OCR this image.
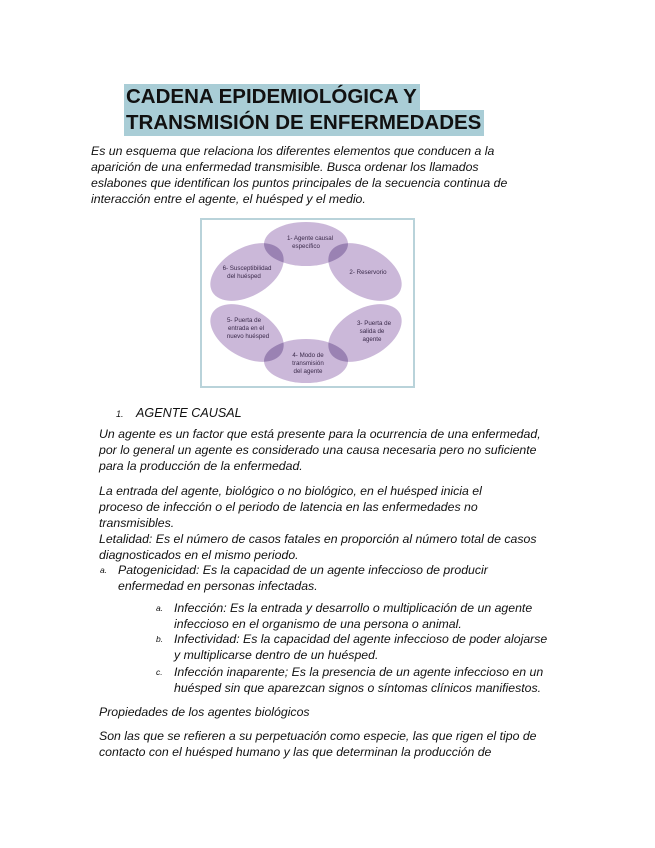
CADENA EPIDEMIOLÓGICA Y
TRANSMISIÓN DE ENFERMEDADES

Es un esquema que relaciona los diferentes elementos que conducen a la

aparición de una enfermedad transmisible. Busca ordenar los llamados

eslabones que identifican los puntos principales de la secuencia continua de

interacción entre el agente, el huésped y el medio.

1- Agente causal específico
2- Reservorio
3- Puerta de salida de agente
4- Modo de transmisión del agente
5- Puerta de entrada en el nuevo huésped
6- Susceptibilidad del huésped
1. AGENTE CAUSAL

Un agente es un factor que está presente para la ocurrencia de una enfermedad,

por lo general un agente es considerado una causa necesaria pero no suficiente

para la producción de la enfermedad.

La entrada del agente, biológico o no biológico, en el huésped inicia el

proceso de infección o el periodo de latencia en las enfermedades no

transmisibles.

Letalidad: Es el número de casos fatales en proporción al número total de casos

diagnosticados en el mismo periodo.

a. Patogenicidad: Es la capacidad de un agente infeccioso de producir
enfermedad en personas infectadas.
a. Infección: Es la entrada y desarrollo o multiplicación de un agente
infeccioso en el organismo de una persona o animal.
b. Infectividad: Es la capacidad del agente infeccioso de poder alojarse
y multiplicarse dentro de un huésped.
c. Infección inaparente; Es la presencia de un agente infeccioso en un
huésped sin que aparezcan signos o síntomas clínicos manifiestos.

Propiedades de los agentes biológicos

Son las que se refieren a su perpetuación como especie, las que rigen el tipo de

contacto con el huésped humano y las que determinan la producción de
